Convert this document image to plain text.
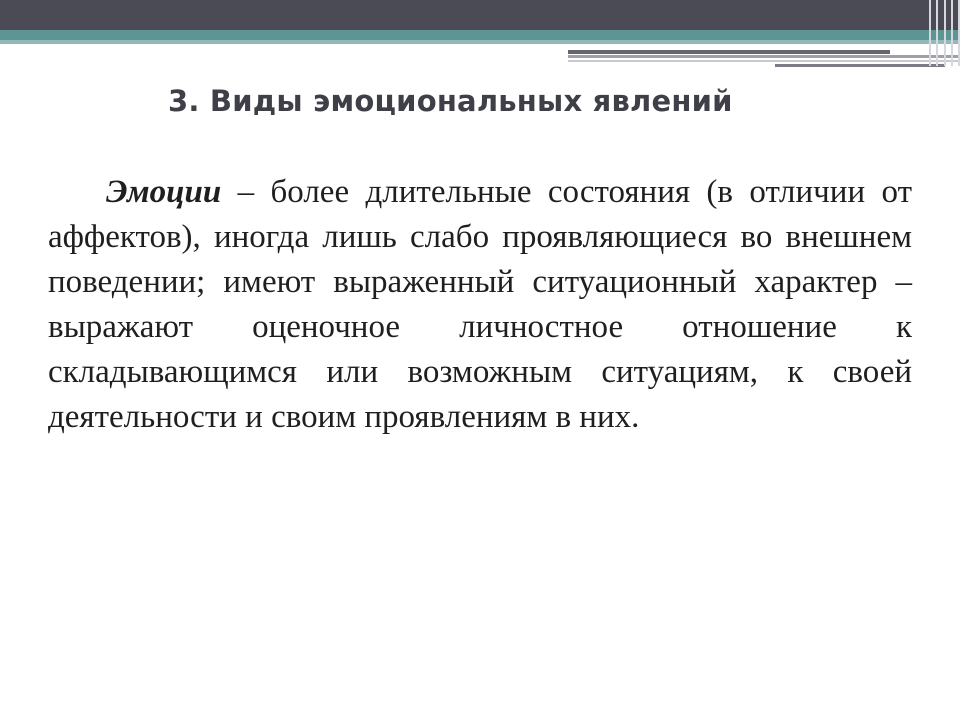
3. Виды эмоциональных явлений

Эмоции – более длительные состояния (в отличии от аффектов), иногда лишь слабо проявляющиеся во внешнем поведении; имеют выраженный ситуационный характер – выражают оценочное личностное отношение к складывающимся или возможным ситуациям, к своей деятельности и своим проявлениям в них.
